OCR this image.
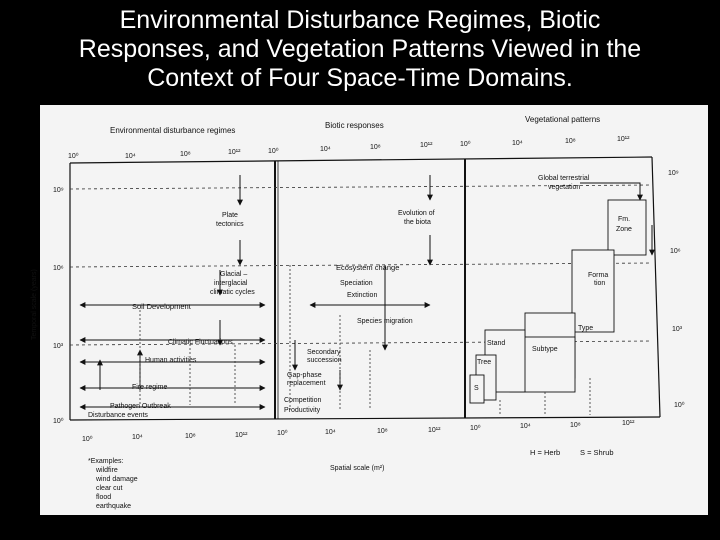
Environmental Disturbance Regimes, Biotic
Responses, and Vegetation Patterns Viewed in the
Context of Four Space-Time Domains.
Environmental disturbance regimes
Biotic responses
Vegetational patterns
10⁰	10⁴	10⁸	10¹²	10⁰	10⁴	10⁸	10¹²	10⁰	10⁴	10⁸	10¹²
10⁹
10⁶
10³
10⁰
10⁹
10⁶
10³
10⁰
10⁰	10⁴	10⁸	10¹²	10⁰	10⁴	10⁸	10¹²	10⁰	10⁴	10⁸	10¹²
Temporal scale (years)
Spatial scale (m²)
Plate
tectonics
Glacial –
interglacial
climatic cycles
Soil Development
Climatic Fluctuations
Human activities
Fire regime
Pathogen Outbreak
Disturbance events
Evolution of
the biota
Ecosystem change
Speciation
Extinction
Species migration
Secondary
succession
Gap-phase
replacement
Competition
Productivity
Global terrestrial
vegetation
Fm.
Zone
Forma
tion
Type
Stand
Subtype
Tree
S
H = Herb	S = Shrub
*Examples:
wildfire
wind damage
clear cut
flood
earthquake
